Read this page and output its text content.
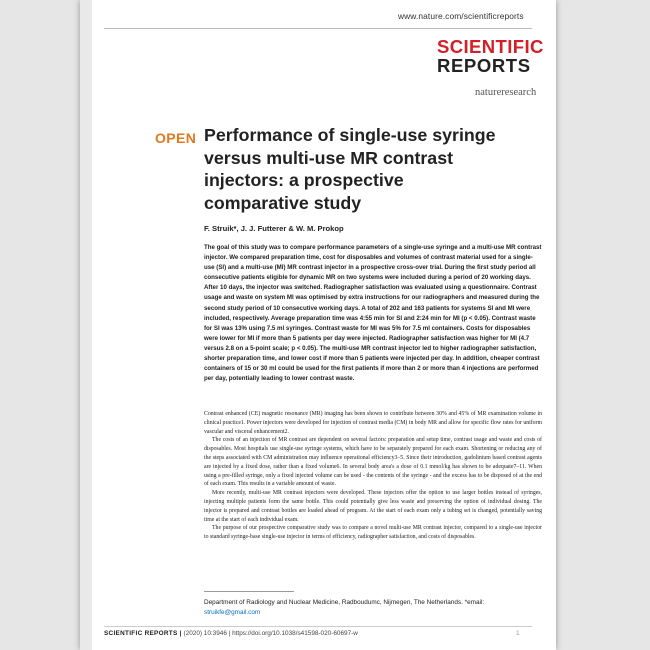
www.nature.com/scientificreports
SCIENTIFIC
REPORTS
natureresearch
OPEN Performance of single-use syringe versus multi-use MR contrast injectors: a prospective comparative study
F. Struik*, J. J. Futterer & W. M. Prokop
The goal of this study was to compare performance parameters of a single-use syringe and a multi-use MR contrast injector. We compared preparation time, cost for disposables and volumes of contrast material used for a single-use (SI) and a multi-use (MI) MR contrast injector in a prospective cross-over trial. During the first study period all consecutive patients eligible for dynamic MR on two systems were included during a period of 20 working days. After 10 days, the injector was switched. Radiographer satisfaction was evaluated using a questionnaire. Contrast usage and waste on system MI was optimised by extra instructions for our radiographers and measured during the second study period of 10 consecutive working days. A total of 202 and 163 patients for systems SI and MI were included, respectively. Average preparation time was 4:55 min for SI and 2:24 min for MI (p < 0.05). Contrast waste for SI was 13% using 7.5 ml syringes. Contrast waste for MI was 5% for 7.5 ml containers. Costs for disposables were lower for MI if more than 5 patients per day were injected. Radiographer satisfaction was higher for MI (4.7 versus 2.8 on a 5-point scale; p < 0.05). The multi-use MR contrast injector led to higher radiographer satisfaction, shorter preparation time, and lower cost if more than 5 patients were injected per day. In addition, cheaper contrast containers of 15 or 30 ml could be used for the first patients if more than 2 or more than 4 injections are performed per day, potentially leading to lower contrast waste.

Contrast enhanced (CE) magnetic resonance (MR) imaging has been shown to contribute between 30% and 45% of MR examination volume in clinical practice1. Power injectors were developed for injection of contrast media (CM) in body MR and allow for specific flow rates for uniform vascular and visceral enhancement2.

The costs of an injection of MR contrast are dependent on several factors: preparation and setup time, contrast usage and waste and costs of disposables. Most hospitals use single-use syringe systems, which have to be separately prepared for each exam. Shortening or reducing any of the steps associated with CM administration may influence operational efficiency3–5. Since their introduction, gadolinium based contrast agents are injected by a fixed dose, rather than a fixed volume6. In several body area's a dose of 0.1 mmol/kg has shown to be adequate7–11. When using a pre-filled syringe, only a fixed injected volume can be used - the contents of the syringe - and the excess has to be disposed of at the end of each exam. This results in a variable amount of waste.

More recently, multi-use MR contrast injectors were developed. These injectors offer the option to use larger bottles instead of syringes, injecting multiple patients form the same bottle. This could potentially give less waste and preserving the option of individual dosing. The injector is prepared and contrast bottles are loaded ahead of program. At the start of each exam only a tubing set is changed, potentially saving time at the start of each individual exam.

The purpose of our prospective comparative study was to compare a novel multi-use MR contrast injector, compared to a single-use injector to standard syringe-base single-use injector in terms of efficiency, radiographer satisfaction, and costs of disposables.

Department of Radiology and Nuclear Medicine, Radboudumc, Nijmegen, The Netherlands. *email: struikfe@gmail.com
SCIENTIFIC REPORTS | (2020) 10:3946 | https://doi.org/10.1038/s41598-020-60697-w	1
